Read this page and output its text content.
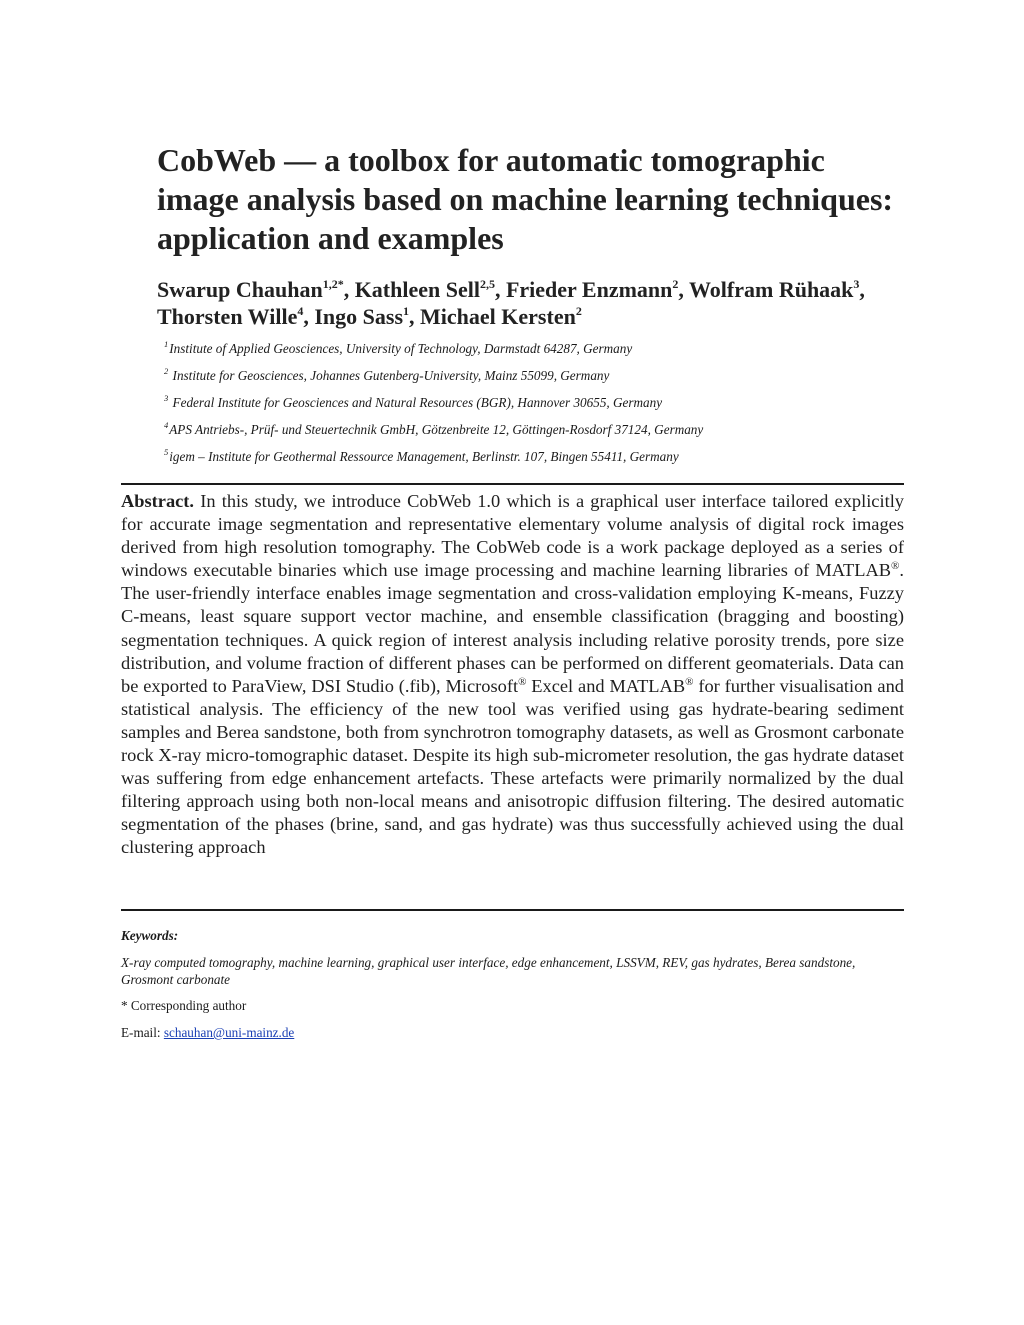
CobWeb — a toolbox for automatic tomographic image analysis based on machine learning techniques: application and examples

Swarup Chauhan$^{1,2*}$, Kathleen Sell$^{2,5}$, Frieder Enzmann$^2$, Wolfram Rühaak$^3$, Thorsten Wille$^4$, Ingo Sass$^1$, Michael Kersten$^2$

$^1$Institute of Applied Geosciences, University of Technology, Darmstadt 64287, Germany
$^2$ Institute for Geosciences, Johannes Gutenberg-University, Mainz 55099, Germany
$^3$ Federal Institute for Geosciences and Natural Resources (BGR), Hannover 30655, Germany
$^4$APS Antriebs-, Prüf- und Steuertechnik GmbH, Götzenbreite 12, Göttingen-Rosdorf 37124, Germany
$^5$igem – Institute for Geothermal Ressource Management, Berlinstr. 107, Bingen 55411, Germany

Abstract. In this study, we introduce CobWeb 1.0 which is a graphical user interface tailored explicitly for accurate image segmentation and representative elementary volume analysis of digital rock images derived from high resolution tomography. The CobWeb code is a work package deployed as a series of windows executable binaries which use image processing and machine learning libraries of MATLAB®. The user-friendly interface enables image segmentation and cross-validation employing K-means, Fuzzy C-means, least square support vector machine, and ensemble classification (bragging and boosting) segmentation techniques. A quick region of interest analysis including relative porosity trends, pore size distribution, and volume fraction of different phases can be performed on different geomaterials. Data can be exported to ParaView, DSI Studio (.fib), Microsoft® Excel and MATLAB® for further visualisation and statistical analysis. The efficiency of the new tool was verified using gas hydrate-bearing sediment samples and Berea sandstone, both from synchrotron tomography datasets, as well as Grosmont carbonate rock X-ray micro-tomographic dataset. Despite its high sub-micrometer resolution, the gas hydrate dataset was suffering from edge enhancement artefacts. These artefacts were primarily normalized by the dual filtering approach using both non-local means and anisotropic diffusion filtering. The desired automatic segmentation of the phases (brine, sand, and gas hydrate) was thus successfully achieved using the dual clustering approach

Keywords:

X-ray computed tomography, machine learning, graphical user interface, edge enhancement, LSSVM, REV, gas hydrates, Berea sandstone, Grosmont carbonate

* Corresponding author

E-mail: schauhan@uni-mainz.de
